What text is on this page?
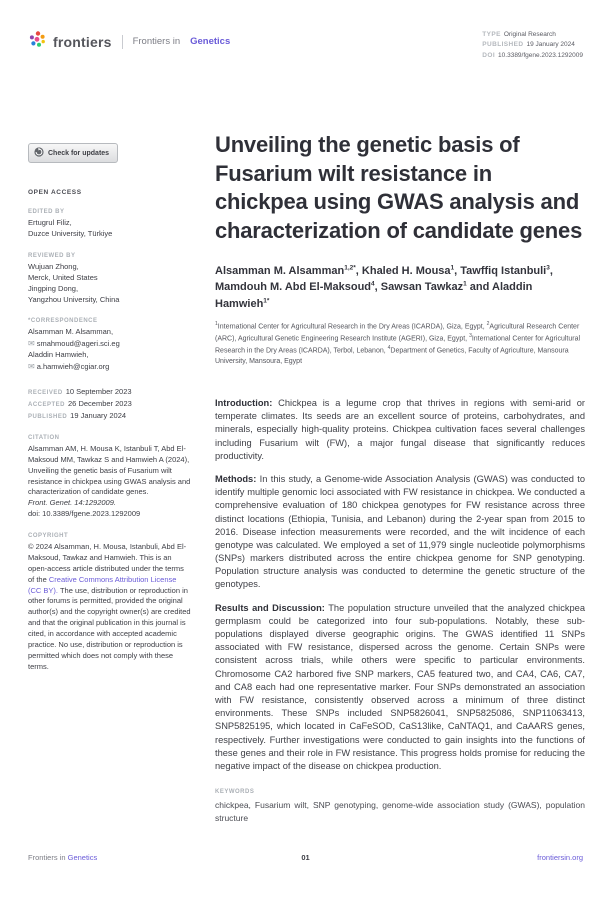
frontiers Frontiers in Genetics
TYPE Original Research
PUBLISHED 19 January 2024
DOI 10.3389/fgene.2023.1292009
Check for updates
OPEN ACCESS
EDITED BY
Ertugrul Filiz,
Duzce University, Türkiye
REVIEWED BY
Wujuan Zhong,
Merck, United States
Jingping Dong,
Yangzhou University, China
*CORRESPONDENCE
Alsamman M. Alsamman,
✉ smahmoud@ageri.sci.eg
Aladdin Hamwieh,
✉ a.hamwieh@cgiar.org
RECEIVED 10 September 2023
ACCEPTED 26 December 2023
PUBLISHED 19 January 2024
CITATION
Alsamman AM, H. Mousa K, Istanbuli T, Abd El-Maksoud MM, Tawkaz S and Hamwieh A (2024), Unveiling the genetic basis of Fusarium wilt resistance in chickpea using GWAS analysis and characterization of candidate genes.
Front. Genet. 14:1292009.
doi: 10.3389/fgene.2023.1292009
COPYRIGHT
© 2024 Alsamman, H. Mousa, Istanbuli, Abd El-Maksoud, Tawkaz and Hamwieh. This is an open-access article distributed under the terms of the Creative Commons Attribution License (CC BY). The use, distribution or reproduction in other forums is permitted, provided the original author(s) and the copyright owner(s) are credited and that the original publication in this journal is cited, in accordance with accepted academic practice. No use, distribution or reproduction is permitted which does not comply with these terms.
Unveiling the genetic basis of Fusarium wilt resistance in chickpea using GWAS analysis and characterization of candidate genes
Alsamman M. Alsamman$^{1,2*}$, Khaled H. Mousa$^1$, Tawffiq Istanbuli$^3$, Mamdouh M. Abd El-Maksoud$^4$, Sawsan Tawkaz$^1$ and Aladdin Hamwieh$^{1*}$
$^1$International Center for Agricultural Research in the Dry Areas (ICARDA), Giza, Egypt, $^2$Agricultural Research Center (ARC), Agricultural Genetic Engineering Research Institute (AGERI), Giza, Egypt, $^3$International Center for Agricultural Research in the Dry Areas (ICARDA), Terbol, Lebanon, $^4$Department of Genetics, Faculty of Agriculture, Mansoura University, Mansoura, Egypt

Introduction: Chickpea is a legume crop that thrives in regions with semi-arid or temperate climates. Its seeds are an excellent source of proteins, carbohydrates, and minerals, especially high-quality proteins. Chickpea cultivation faces several challenges including Fusarium wilt (FW), a major fungal disease that significantly reduces productivity.

Methods: In this study, a Genome-wide Association Analysis (GWAS) was conducted to identify multiple genomic loci associated with FW resistance in chickpea. We conducted a comprehensive evaluation of 180 chickpea genotypes for FW resistance across three distinct locations (Ethiopia, Tunisia, and Lebanon) during the 2-year span from 2015 to 2016. Disease infection measurements were recorded, and the wilt incidence of each genotype was calculated. We employed a set of 11,979 single nucleotide polymorphisms (SNPs) markers distributed across the entire chickpea genome for SNP genotyping. Population structure analysis was conducted to determine the genetic structure of the genotypes.

Results and Discussion: The population structure unveiled that the analyzed chickpea germplasm could be categorized into four sub-populations. Notably, these sub-populations displayed diverse geographic origins. The GWAS identified 11 SNPs associated with FW resistance, dispersed across the genome. Certain SNPs were consistent across trials, while others were specific to particular environments. Chromosome CA2 harbored five SNP markers, CA5 featured two, and CA4, CA6, CA7, and CA8 each had one representative marker. Four SNPs demonstrated an association with FW resistance, consistently observed across a minimum of three distinct environments. These SNPs included SNP5826041, SNP5825086, SNP11063413, SNP5825195, which located in CaFeSOD, CaS13like, CaNTAQ1, and CaAARS genes, respectively. Further investigations were conducted to gain insights into the functions of these genes and their role in FW resistance. This progress holds promise for reducing the negative impact of the disease on chickpea production.

KEYWORDS
chickpea, Fusarium wilt, SNP genotyping, genome-wide association study (GWAS), population structure
Frontiers in Genetics	01	frontiersin.org
